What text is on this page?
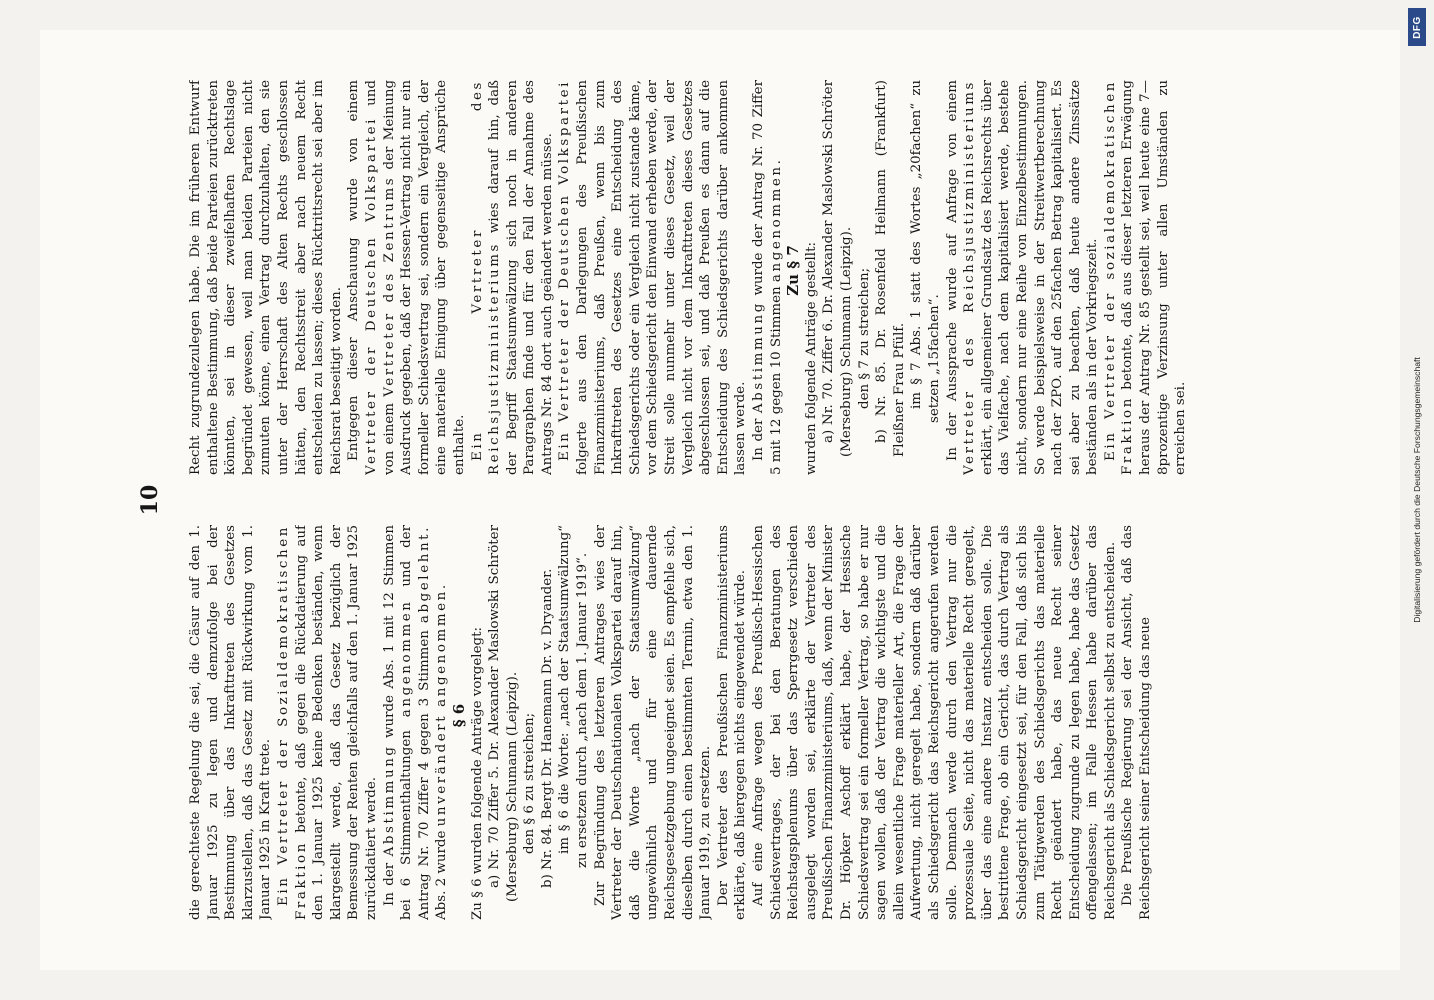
10

die gerechteste Regelung die sei, die Cäsur auf den 1. Januar 1925 zu legen und demzufolge bei der Bestimmung über das Inkrafttreten des Gesetzes klarzustellen, daß das Gesetz mit Rückwirkung vom 1. Januar 1925 in Kraft trete. Ein Vertreter der Sozialdemokratischen Fraktion betonte, daß gegen die Rückdatierung auf den 1. Januar 1925 keine Bedenken beständen, wenn klargestellt werde, daß das Gesetz bezüglich der Bemessung der Renten gleichfalls auf den 1. Januar 1925 zurückdatiert werde. In der Abstimmung wurde Abs. 1 mit 12 Stimmen bei 6 Stimmenthaltungen angenommen und der Antrag Nr. 70 Ziffer 4 gegen 3 Stimmen abgelehnt. Abs. 2 wurde unverändert angenommen. § 6 Zu § 6 wurden folgende Anträge vorgelegt: a) Nr. 70 Ziffer 5. Dr. Alexander Maslowski Schröter (Merseburg) Schumann (Leipzig). den § 6 zu streichen; b) Nr. 84. Bergt Dr. Hanemann Dr. v. Dryander. im § 6 die Worte: „nach der Staatsumwälzung“ zu ersetzen durch „nach dem 1. Januar 1919“. Zur Begründung des letzteren Antrages wies der Vertreter der Deutschnationalen Volkspartei darauf hin, daß die Worte „nach der Staatsumwälzung“ ungewöhnlich und für eine dauernde Reichsgesetzgebung ungeeignet seien. Es empfehle sich, dieselben durch einen bestimmten Termin, etwa den 1. Januar 1919, zu ersetzen. Der Vertreter des Preußischen Finanzministeriums erklärte, daß hiergegen nichts eingewendet würde. Auf eine Anfrage wegen des Preußisch-Hessischen Schiedsvertrages, der bei den Beratungen des Reichstagsplenums über das Sperrgesetz verschieden ausgelegt worden sei, erklärte der Vertreter des Preußischen Finanzministeriums, daß, wenn der Minister Dr. Höpker Aschoff erklärt habe, der Hessische Schiedsvertrag sei ein formeller Vertrag, so habe er nur sagen wollen, daß der Vertrag die wichtigste und die allein wesentliche Frage materieller Art, die Frage der Aufwertung, nicht geregelt habe, sondern daß darüber als Schiedsgericht das Reichsgericht angerufen werden solle. Demnach werde durch den Vertrag nur die prozessuale Seite, nicht das materielle Recht geregelt, über das eine andere Instanz entscheiden solle. Die bestrittene Frage, ob ein Gericht, das durch Vertrag als Schiedsgericht eingesetzt sei, für den Fall, daß sich bis zum Tätigwerden des Schiedsgerichts das materielle Recht geändert habe, das neue Recht seiner Entscheidung zugrunde zu legen habe, habe das Gesetz offengelassen; im Falle Hessen habe darüber das Reichsgericht als Schiedsgericht selbst zu entscheiden. Die Preußische Regierung sei der Ansicht, daß das Reichsgericht seiner Entscheidung das neue

Recht zugrundezulegen habe. Die im früheren Entwurf enthaltene Bestimmung, daß beide Parteien zurücktreten könnten, sei in dieser zweifelhaften Rechtslage begründet gewesen, weil man beiden Parteien nicht zumuten könne, einen Vertrag durchzuhalten, den sie unter der Herrschaft des Alten Rechts geschlossen hätten, den Rechtsstreit aber nach neuem Recht entscheiden zu lassen; dieses Rücktrittsrecht sei aber im Reichsrat beseitigt worden. Entgegen dieser Anschauung wurde von einem Vertreter der Deutschen Volkspartei und von einem Vertreter des Zentrums der Meinung Ausdruck gegeben, daß der Hessen-Vertrag nicht nur ein formeller Schiedsvertrag sei, sondern ein Vergleich, der eine materielle Einigung über gegenseitige Ansprüche enthalte. Ein Vertreter des Reichsjustizministeriums wies darauf hin, daß der Begriff Staatsumwälzung sich noch in anderen Paragraphen finde und für den Fall der Annahme des Antrags Nr. 84 dort auch geändert werden müsse. Ein Vertreter der Deutschen Volkspartei folgerte aus den Darlegungen des Preußischen Finanzministeriums, daß Preußen, wenn bis zum Inkrafttreten des Gesetzes eine Entscheidung des Schiedsgerichts oder ein Vergleich nicht zustande käme, vor dem Schiedsgericht den Einwand erheben werde, der Streit solle nunmehr unter dieses Gesetz, weil der Vergleich nicht vor dem Inkrafttreten dieses Gesetzes abgeschlossen sei, und daß Preußen es dann auf die Entscheidung des Schiedsgerichts darüber ankommen lassen werde. In der Abstimmung wurde der Antrag Nr. 70 Ziffer 5 mit 12 gegen 10 Stimmen angenommen. Zu § 7 wurden folgende Anträge gestellt: a) Nr. 70. Ziffer 6. Dr. Alexander Maslowski Schröter (Merseburg) Schumann (Leipzig). den § 7 zu streichen; b) Nr. 85. Dr. Rosenfeld Heilmann (Frankfurt) Fleißner Frau Pfülf. im § 7 Abs. 1 statt des Wortes „20fachen“ zu setzen „15fachen“. In der Aussprache wurde auf Anfrage von einem Vertreter des Reichsjustizministeriums erklärt, ein allgemeiner Grundsatz des Reichsrechts über das Vielfache, nach dem kapitalisiert werde, bestehe nicht, sondern nur eine Reihe von Einzelbestimmungen. So werde beispielsweise in der Streitwertberechnung nach der ZPO. auf den 25fachen Betrag kapitalisiert. Es sei aber zu beachten, daß heute andere Zinssätze beständen als in der Vorkriegszeit. Ein Vertreter der sozialdemokratischen Fraktion betonte, daß aus dieser letzteren Erwägung heraus der Antrag Nr. 85 gestellt sei, weil heute eine 7—8prozentige Verzinsung unter allen Umständen zu erreichen sei.

DFG
Digitalisierung gefördert durch die Deutsche Forschungsgemeinschaft
